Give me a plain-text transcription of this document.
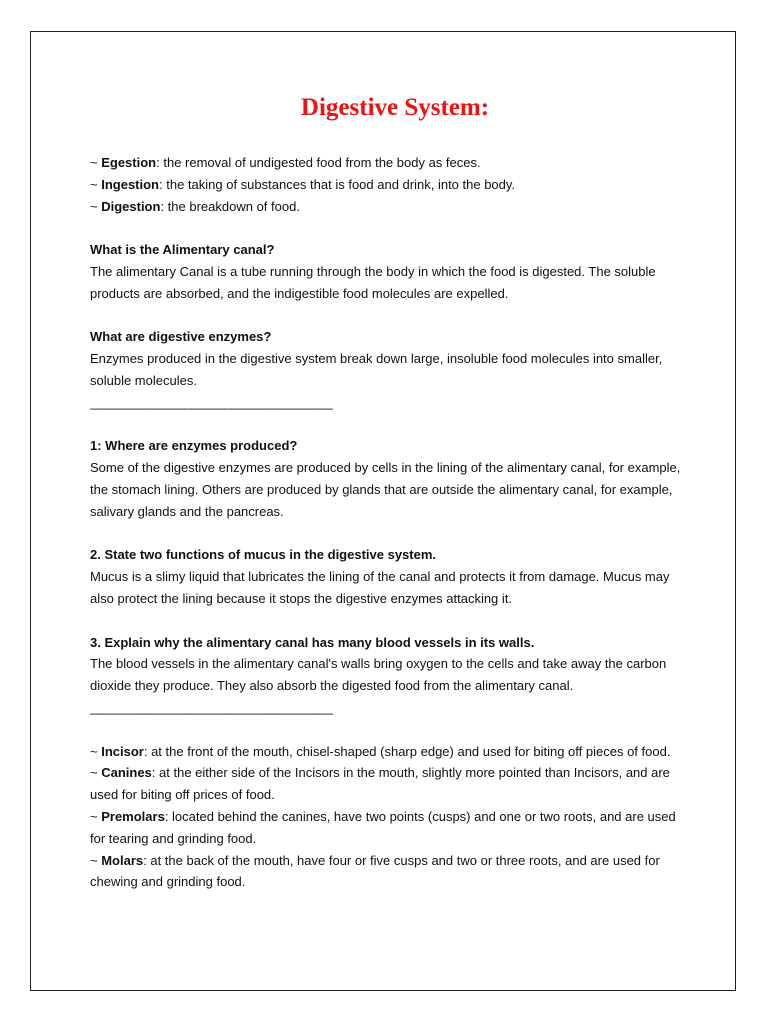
Digestive System:

~ Egestion: the removal of undigested food from the body as feces.

~ Ingestion: the taking of substances that is food and drink, into the body.

~ Digestion: the breakdown of food.

What is the Alimentary canal?

The alimentary Canal is a tube running through the body in which the food is digested. The soluble products are absorbed, and the indigestible food molecules are expelled.

What are digestive enzymes?

Enzymes produced in the digestive system break down large, insoluble food molecules into smaller, soluble molecules.

____________________________________

1: Where are enzymes produced?

Some of the digestive enzymes are produced by cells in the lining of the alimentary canal, for example, the stomach lining. Others are produced by glands that are outside the alimentary canal, for example, salivary glands and the pancreas.

2. State two functions of mucus in the digestive system.

Mucus is a slimy liquid that lubricates the lining of the canal and protects it from damage. Mucus may also protect the lining because it stops the digestive enzymes attacking it.

3. Explain why the alimentary canal has many blood vessels in its walls.

The blood vessels in the alimentary canal's walls bring oxygen to the cells and take away the carbon dioxide they produce. They also absorb the digested food from the alimentary canal.

____________________________________

~ Incisor: at the front of the mouth, chisel-shaped (sharp edge) and used for biting off pieces of food.

~ Canines: at the either side of the Incisors in the mouth, slightly more pointed than Incisors, and are used for biting off prices of food.

~ Premolars: located behind the canines, have two points (cusps) and one or two roots, and are used for tearing and grinding food.

~ Molars: at the back of the mouth, have four or five cusps and two or three roots, and are used for chewing and grinding food.
